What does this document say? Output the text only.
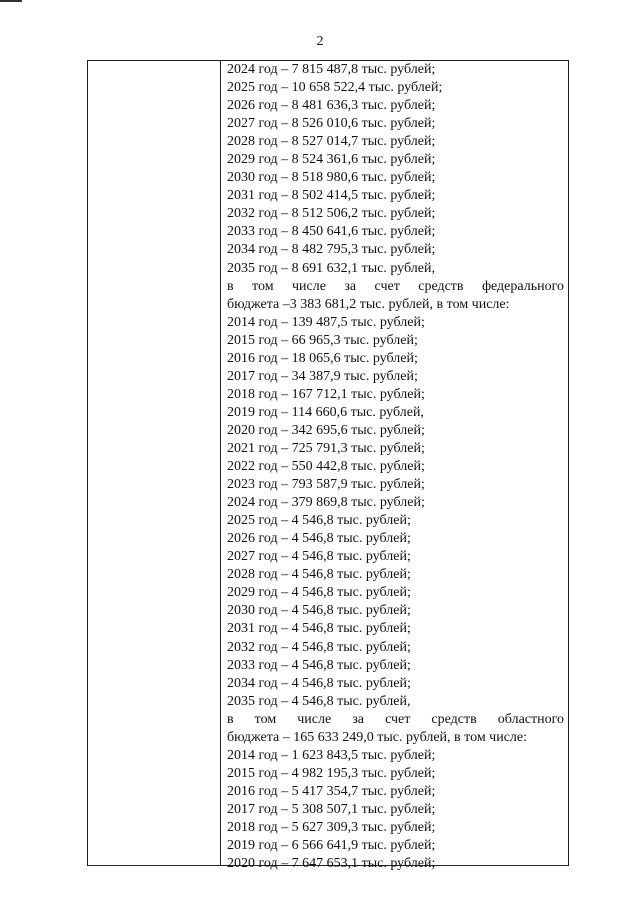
2
2024 год – 7 815 487,8 тыс. рублей;
2025 год – 10 658 522,4 тыс. рублей;
2026 год – 8 481 636,3 тыс. рублей;
2027 год – 8 526 010,6 тыс. рублей;
2028 год – 8 527 014,7 тыс. рублей;
2029 год – 8 524 361,6 тыс. рублей;
2030 год – 8 518 980,6 тыс. рублей;
2031 год – 8 502 414,5 тыс. рублей;
2032 год – 8 512 506,2 тыс. рублей;
2033 год – 8 450 641,6 тыс. рублей;
2034 год – 8 482 795,3 тыс. рублей;
2035 год – 8 691 632,1 тыс. рублей,
в том числе за счет средств федерального
бюджета –3 383 681,2 тыс. рублей, в том числе:
2014 год – 139 487,5 тыс. рублей;
2015 год – 66 965,3 тыс. рублей;
2016 год – 18 065,6 тыс. рублей;
2017 год – 34 387,9 тыс. рублей;
2018 год – 167 712,1 тыс. рублей;
2019 год – 114 660,6 тыс. рублей,
2020 год – 342 695,6 тыс. рублей;
2021 год – 725 791,3 тыс. рублей;
2022 год – 550 442,8 тыс. рублей;
2023 год – 793 587,9 тыс. рублей;
2024 год – 379 869,8 тыс. рублей;
2025 год – 4 546,8 тыс. рублей;
2026 год – 4 546,8 тыс. рублей;
2027 год – 4 546,8 тыс. рублей;
2028 год – 4 546,8 тыс. рублей;
2029 год – 4 546,8 тыс. рублей;
2030 год – 4 546,8 тыс. рублей;
2031 год – 4 546,8 тыс. рублей;
2032 год – 4 546,8 тыс. рублей;
2033 год – 4 546,8 тыс. рублей;
2034 год – 4 546,8 тыс. рублей;
2035 год – 4 546,8 тыс. рублей,
в том числе за счет средств областного
бюджета – 165 633 249,0 тыс. рублей, в том числе:
2014 год – 1 623 843,5 тыс. рублей;
2015 год – 4 982 195,3 тыс. рублей;
2016 год – 5 417 354,7 тыс. рублей;
2017 год – 5 308 507,1 тыс. рублей;
2018 год – 5 627 309,3 тыс. рублей;
2019 год – 6 566 641,9 тыс. рублей;
2020 год – 7 647 653,1 тыс. рублей;
